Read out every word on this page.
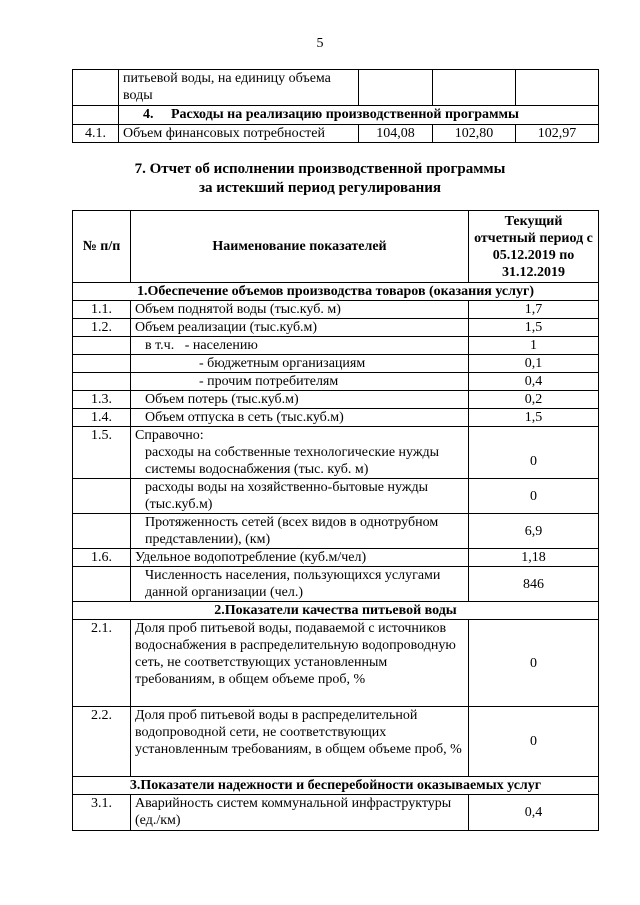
5
	питьевой воды, на единицу объема воды			
	4. Расходы на реализацию производственной программы			
4.1.	Объем финансовых потребностей	104,08	102,80	102,97
7. Отчет об исполнении производственной программы
за истекший период регулирования
№ п/п	Наименование показателей	Текущий отчетный период с 05.12.2019 по 31.12.2019
1.Обеспечение объемов производства товаров (оказания услуг)		
1.1.	Объем поднятой воды (тыс.куб. м)	1,7
1.2.	Объем реализации (тыс.куб.м)	1,5
	в т.ч.   - населению	1
	- бюджетным организациям	0,1
	- прочим потребителям	0,4
1.3.	Объем потерь (тыс.куб.м)	0,2
1.4.	Объем отпуска в сеть (тыс.куб.м)	1,5
1.5.	Справочно:	
	расходы на собственные технологические нужды системы водоснабжения (тыс. куб. м)	0
	расходы воды на хозяйственно-бытовые нужды (тыс.куб.м)	0
	Протяженность сетей (всех видов в однотрубном представлении), (км)	6,9
1.6.	Удельное водопотребление (куб.м/чел)	1,18
	Численность населения, пользующихся услугами данной организации (чел.)	846
2.Показатели качества питьевой воды		
2.1.	Доля проб питьевой воды, подаваемой с источников водоснабжения в распределительную водопроводную сеть, не соответствующих установленным требованиям, в общем объеме проб, %	0
2.2.	Доля проб питьевой воды в распределительной водопроводной сети, не соответствующих установленным требованиям, в общем объеме проб, %	0
3.Показатели надежности и бесперебойности оказываемых услуг		
3.1.	Аварийность систем коммунальной инфраструктуры (ед./км)	0,4
